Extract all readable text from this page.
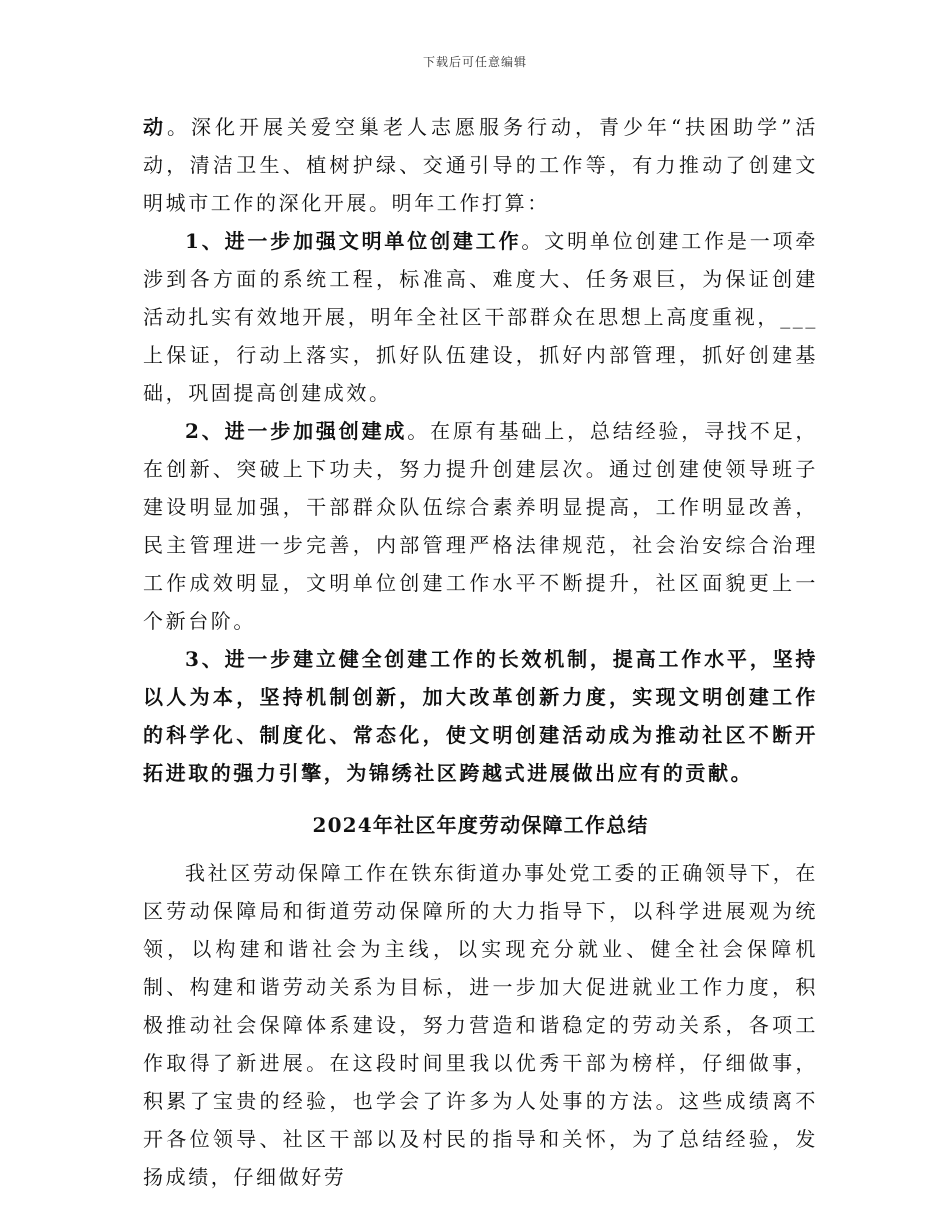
下载后可任意编辑

动。深化开展关爱空巢老人志愿服务行动，青少年“扶困助学”活动，清洁卫生、植树护绿、交通引导的工作等，有力推动了创建文明城市工作的深化开展。明年工作打算：

1、进一步加强文明单位创建工作。文明单位创建工作是一项牵涉到各方面的系统工程，标准高、难度大、任务艰巨，为保证创建活动扎实有效地开展，明年全社区干部群众在思想上高度重视，___上保证，行动上落实，抓好队伍建设，抓好内部管理，抓好创建基础，巩固提高创建成效。

2、进一步加强创建成。在原有基础上，总结经验，寻找不足，在创新、突破上下功夫，努力提升创建层次。通过创建使领导班子建设明显加强，干部群众队伍综合素养明显提高，工作明显改善，民主管理进一步完善，内部管理严格法律规范，社会治安综合治理工作成效明显，文明单位创建工作水平不断提升，社区面貌更上一个新台阶。

3、进一步建立健全创建工作的长效机制，提高工作水平，坚持以人为本，坚持机制创新，加大改革创新力度，实现文明创建工作的科学化、制度化、常态化，使文明创建活动成为推动社区不断开拓进取的强力引擎，为锦绣社区跨越式进展做出应有的贡献。

2024年社区年度劳动保障工作总结

我社区劳动保障工作在铁东街道办事处党工委的正确领导下，在区劳动保障局和街道劳动保障所的大力指导下，以科学进展观为统领，以构建和谐社会为主线，以实现充分就业、健全社会保障机制、构建和谐劳动关系为目标，进一步加大促进就业工作力度，积极推动社会保障体系建设，努力营造和谐稳定的劳动关系，各项工作取得了新进展。在这段时间里我以优秀干部为榜样，仔细做事，积累了宝贵的经验，也学会了许多为人处事的方法。这些成绩离不开各位领导、社区干部以及村民的指导和关怀，为了总结经验，发扬成绩，仔细做好劳
